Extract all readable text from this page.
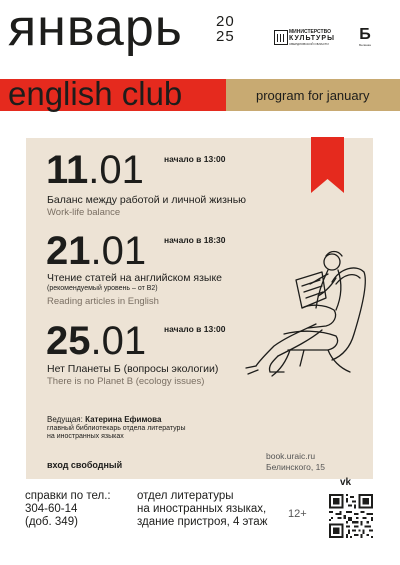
январь 20
25	МИНИСТЕРСТВО
КУЛЬТУРЫ
СВЕРДЛОВСКОЙ ОБЛАСТИ
Б
Белинка
english club	program for january
11.01 начало в 13:00
Баланс между работой и личной жизнью
Work-life balance
21.01 начало в 18:30
Чтение статей на английском языке
(рекомендуемый уровень – от В2)
Reading articles in English
25.01 начало в 13:00
Нет Планеты Б (вопросы экологии)
There is no Planet B (ecology issues)
Ведущая: Катерина Ефимова
главный библиотекарь отдела литературы
на иностранных языках
вход свободный
book.uraic.ru
Белинского, 15
vk
справки по тел.:
304-60-14
(доб. 349)
отдел литературы
на иностранных языках,
здание пристроя, 4 этаж
12+
